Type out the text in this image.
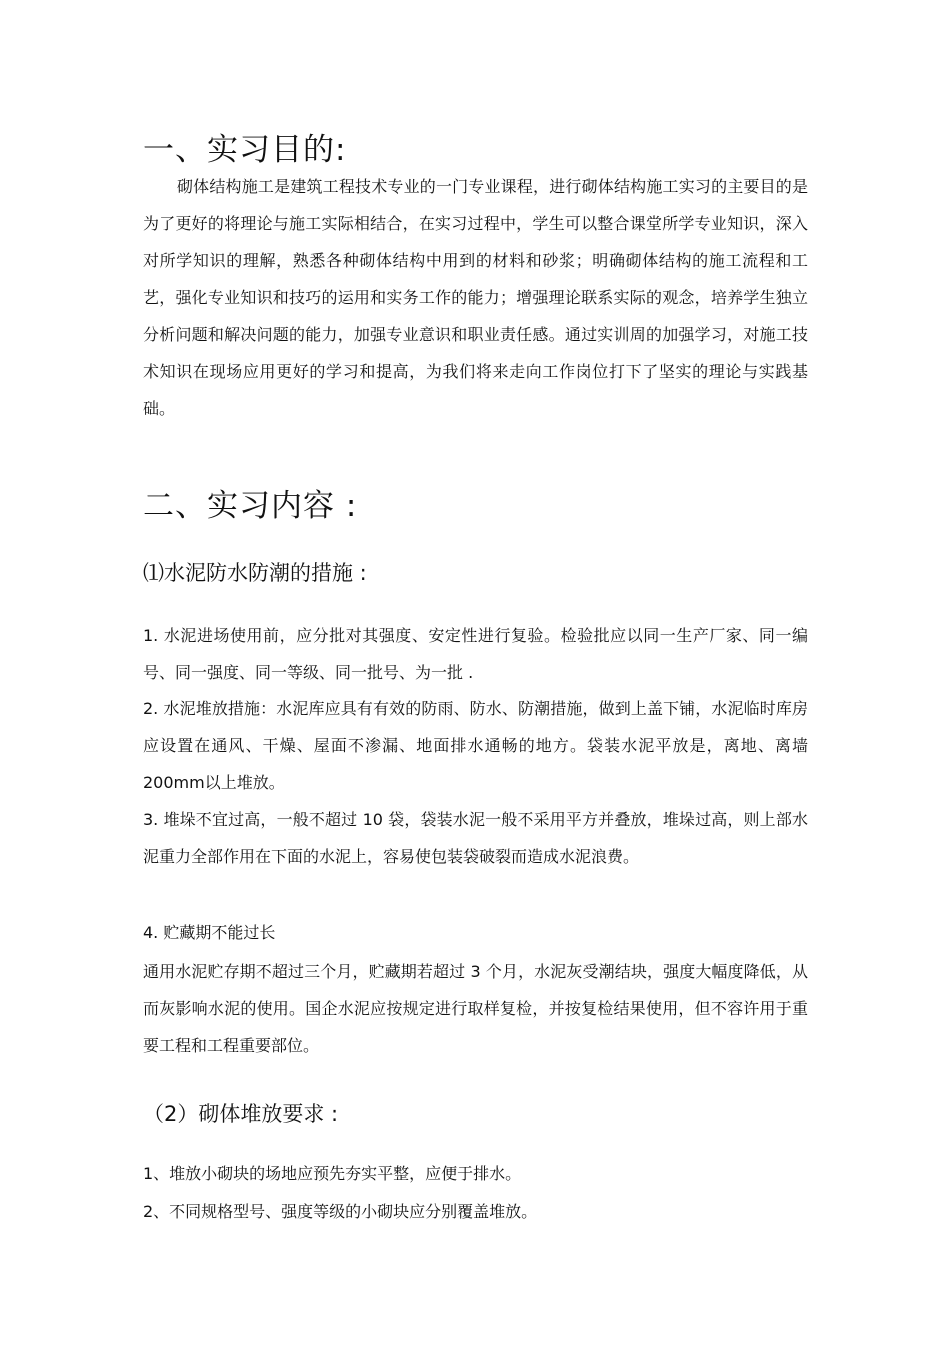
一、实习目的:
砌体结构施工是建筑工程技术专业的一门专业课程，进行砌体结构施工实习的主要目的是为了更好的将理论与施工实际相结合，在实习过程中，学生可以整合课堂所学专业知识，深入对所学知识的理解，熟悉各种砌体结构中用到的材料和砂浆；明确砌体结构的施工流程和工艺，强化专业知识和技巧的运用和实务工作的能力；增强理论联系实际的观念，培养学生独立分析问题和解决问题的能力，加强专业意识和职业责任感。通过实训周的加强学习，对施工技术知识在现场应用更好的学习和提高，为我们将来走向工作岗位打下了坚实的理论与实践基础。
二、实习内容 :
⑴水泥防水防潮的措施 :
1. 水泥进场使用前，应分批对其强度、安定性进行复验。检验批应以同一生产厂家、同一编号、同一强度、同一等级、同一批号、为一批 .
2. 水泥堆放措施：水泥库应具有有效的防雨、防水、防潮措施，做到上盖下铺，水泥临时库房应设置在通风、干燥、屋面不渗漏、地面排水通畅的地方。袋装水泥平放是，离地、离墙 200mm以上堆放。
3. 堆垛不宜过高，一般不超过 10 袋，袋装水泥一般不采用平方并叠放，堆垛过高，则上部水泥重力全部作用在下面的水泥上，容易使包装袋破裂而造成水泥浪费。
4. 贮藏期不能过长
通用水泥贮存期不超过三个月，贮藏期若超过 3 个月，水泥灰受潮结块，强度大幅度降低，从而灰影响水泥的使用。国企水泥应按规定进行取样复检，并按复检结果使用，但不容许用于重要工程和工程重要部位。
（2）砌体堆放要求 :
1、堆放小砌块的场地应预先夯实平整，应便于排水。
2、不同规格型号、强度等级的小砌块应分别覆盖堆放。
